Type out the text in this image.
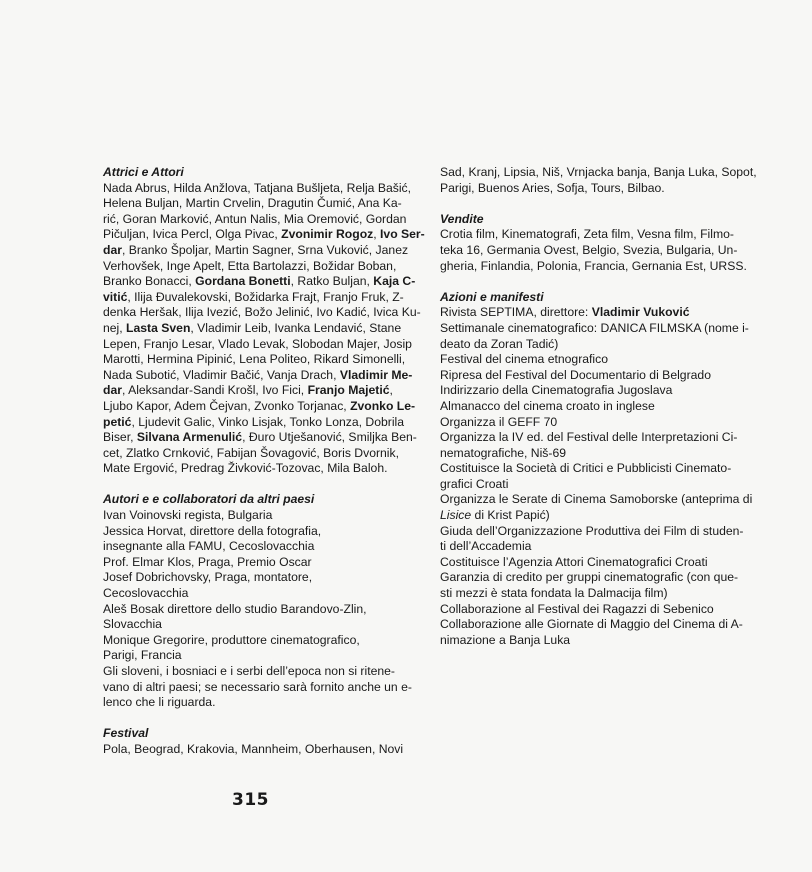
Attrici e Attori

Nada Abrus, Hilda Anžlova, Tatjana Bušljeta, Relja Bašić,

Helena Buljan, Martin Crvelin, Dragutin Čumić, Ana Ka-

rić, Goran Marković, Antun Nalis, Mia Oremović, Gordan

Pičuljan, Ivica Percl, Olga Pivac, Zvonimir Rogoz, Ivo Ser-

dar, Branko Špoljar, Martin Sagner, Srna Vuković, Janez

Verhovšek, Inge Apelt, Etta Bartolazzi, Božidar Boban,

Branko Bonacci, Gordana Bonetti, Ratko Buljan, Kaja C-

vitić, Ilija Đuvalekovski, Božidarka Frajt, Franjo Fruk, Z-

denka Heršak, Ilija Ivezić, Božo Jelinić, Ivo Kadić, Ivica Ku-

nej, Lasta Sven, Vladimir Leib, Ivanka Lendavić, Stane

Lepen, Franjo Lesar, Vlado Levak, Slobodan Majer, Josip

Marotti, Hermina Pipinić, Lena Politeo, Rikard Simonelli,

Nada Subotić, Vladimir Bačić, Vanja Drach, Vladimir Me-

dar, Aleksandar-Sandi Krošl, Ivo Fici, Franjo Majetić,

Ljubo Kapor, Adem Čejvan, Zvonko Torjanac, Zvonko Le-

petić, Ljudevit Galic, Vinko Lisjak, Tonko Lonza, Dobrila

Biser, Silvana Armenulić, Đuro Utješanović, Smiljka Ben-

cet, Zlatko Crnković, Fabijan Šovagović, Boris Dvornik,

Mate Ergović, Predrag Živković-Tozovac, Mila Baloh.

Autori e e collaboratori da altri paesi

Ivan Voinovski regista, Bulgaria

Jessica Horvat, direttore della fotografia,

insegnante alla FAMU, Cecoslovacchia

Prof. Elmar Klos, Praga, Premio Oscar

Josef Dobrichovsky, Praga, montatore,

Cecoslovacchia

Aleš Bosak direttore dello studio Barandovo-Zlin,

Slovacchia

Monique Gregorire, produttore cinematografico,

Parigi, Francia

Gli sloveni, i bosniaci e i serbi dell’epoca non si ritene-

vano di altri paesi; se necessario sarà fornito anche un e-

lenco che li riguarda.

Festival

Pola, Beograd, Krakovia, Mannheim, Oberhausen, Novi

Sad, Kranj, Lipsia, Niš, Vrnjacka banja, Banja Luka, Sopot,

Parigi, Buenos Aries, Sofja, Tours, Bilbao.

Vendite

Crotia film, Kinematografi, Zeta film, Vesna film, Filmo-

teka 16, Germania Ovest, Belgio, Svezia, Bulgaria, Un-

gheria, Finlandia, Polonia, Francia, Gernania Est, URSS.

Azioni e manifesti

Rivista SEPTIMA, direttore: Vladimir Vuković

Settimanale cinematografico: DANICA FILMSKA (nome i-

deato da Zoran Tadić)

Festival del cinema etnografico

Ripresa del Festival del Documentario di Belgrado

Indirizzario della Cinematografia Jugoslava

Almanacco del cinema croato in inglese

Organizza il GEFF 70

Organizza la IV ed. del Festival delle Interpretazioni Ci-

nematografiche, Niš-69

Costituisce la Società di Critici e Pubblicisti Cinemato-

grafici Croati

Organizza le Serate di Cinema Samoborske (anteprima di

Lisice di Krist Papić)

Giuda dell’Organizzazione Produttiva dei Film di studen-

ti dell’Accademia

Costituisce l’Agenzia Attori Cinematografici Croati

Garanzia di credito per gruppi cinematografic (con que-

sti mezzi è stata fondata la Dalmacija film)

Collaborazione al Festival dei Ragazzi di Sebenico

Collaborazione alle Giornate di Maggio del Cinema di A-

nimazione a Banja Luka

315
